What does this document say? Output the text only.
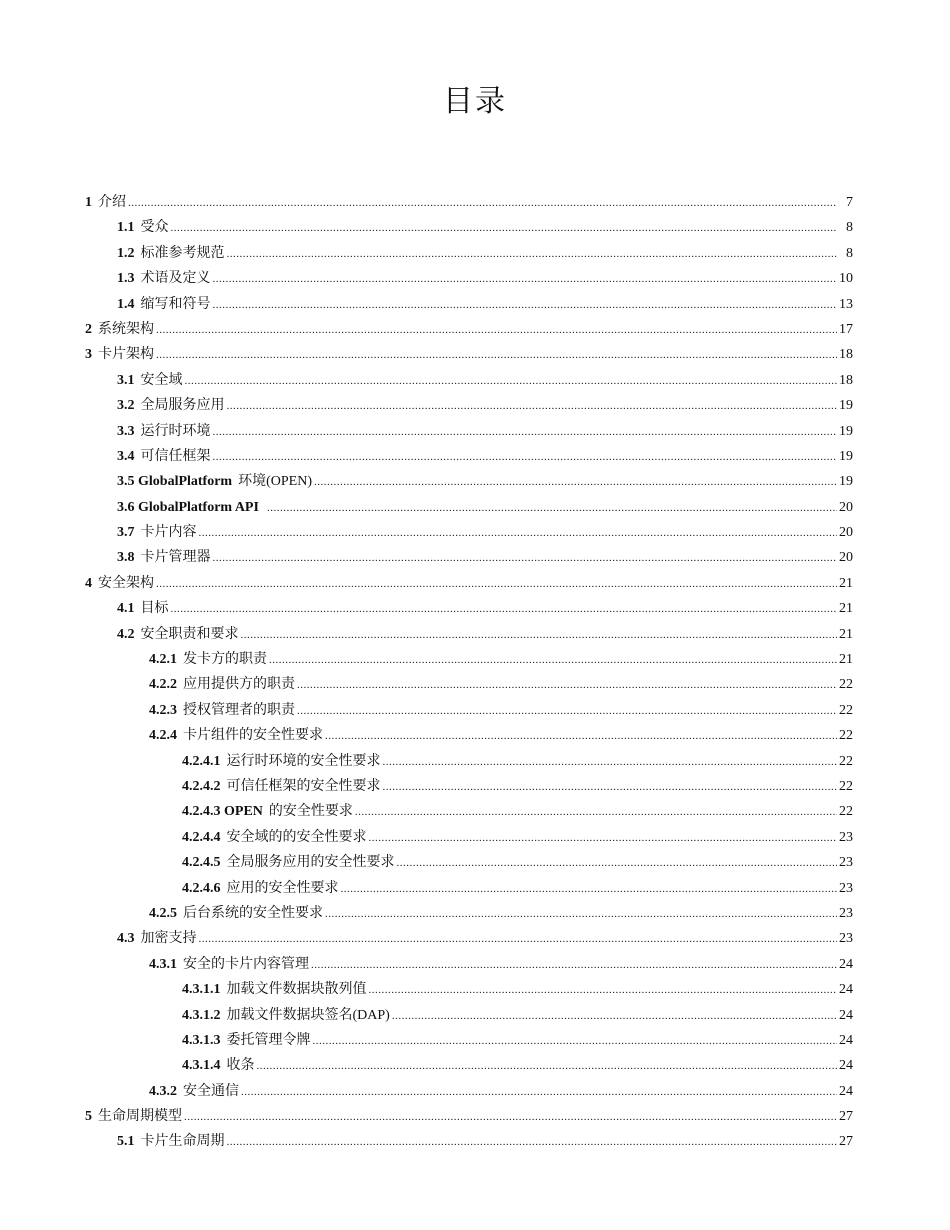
目录
1 介绍 .....	7
1.1 受众 .....	8
1.2 标准参考规范 .....	8
1.3 术语及定义 .....	10
1.4 缩写和符号 .....	13
2 系统架构 .....	17
3 卡片架构 .....	18
3.1 安全域 .....	18
3.2 全局服务应用 .....	19
3.3 运行时环境 .....	19
3.4 可信任框架 .....	19
3.5 GlobalPlatform 环境(OPEN) .....	19
3.6 GlobalPlatform API .....	20
3.7 卡片内容 .....	20
3.8 卡片管理器 .....	20
4 安全架构 .....	21
4.1 目标 .....	21
4.2 安全职责和要求 .....	21
4.2.1 发卡方的职责 .....	21
4.2.2 应用提供方的职责 .....	22
4.2.3 授权管理者的职责 .....	22
4.2.4 卡片组件的安全性要求 .....	22
4.2.4.1 运行时环境的安全性要求 .....	22
4.2.4.2 可信任框架的安全性要求 .....	22
4.2.4.3 OPEN 的安全性要求 .....	22
4.2.4.4 安全域的的安全性要求 .....	23
4.2.4.5 全局服务应用的安全性要求 .....	23
4.2.4.6 应用的安全性要求 .....	23
4.2.5 后台系统的安全性要求 .....	23
4.3 加密支持 .....	23
4.3.1 安全的卡片内容管理 .....	24
4.3.1.1 加载文件数据块散列值 .....	24
4.3.1.2 加载文件数据块签名(DAP) .....	24
4.3.1.3 委托管理令牌 .....	24
4.3.1.4 收条 .....	24
4.3.2 安全通信 .....	24
5 生命周期模型 .....	27
5.1 卡片生命周期 .....	27
